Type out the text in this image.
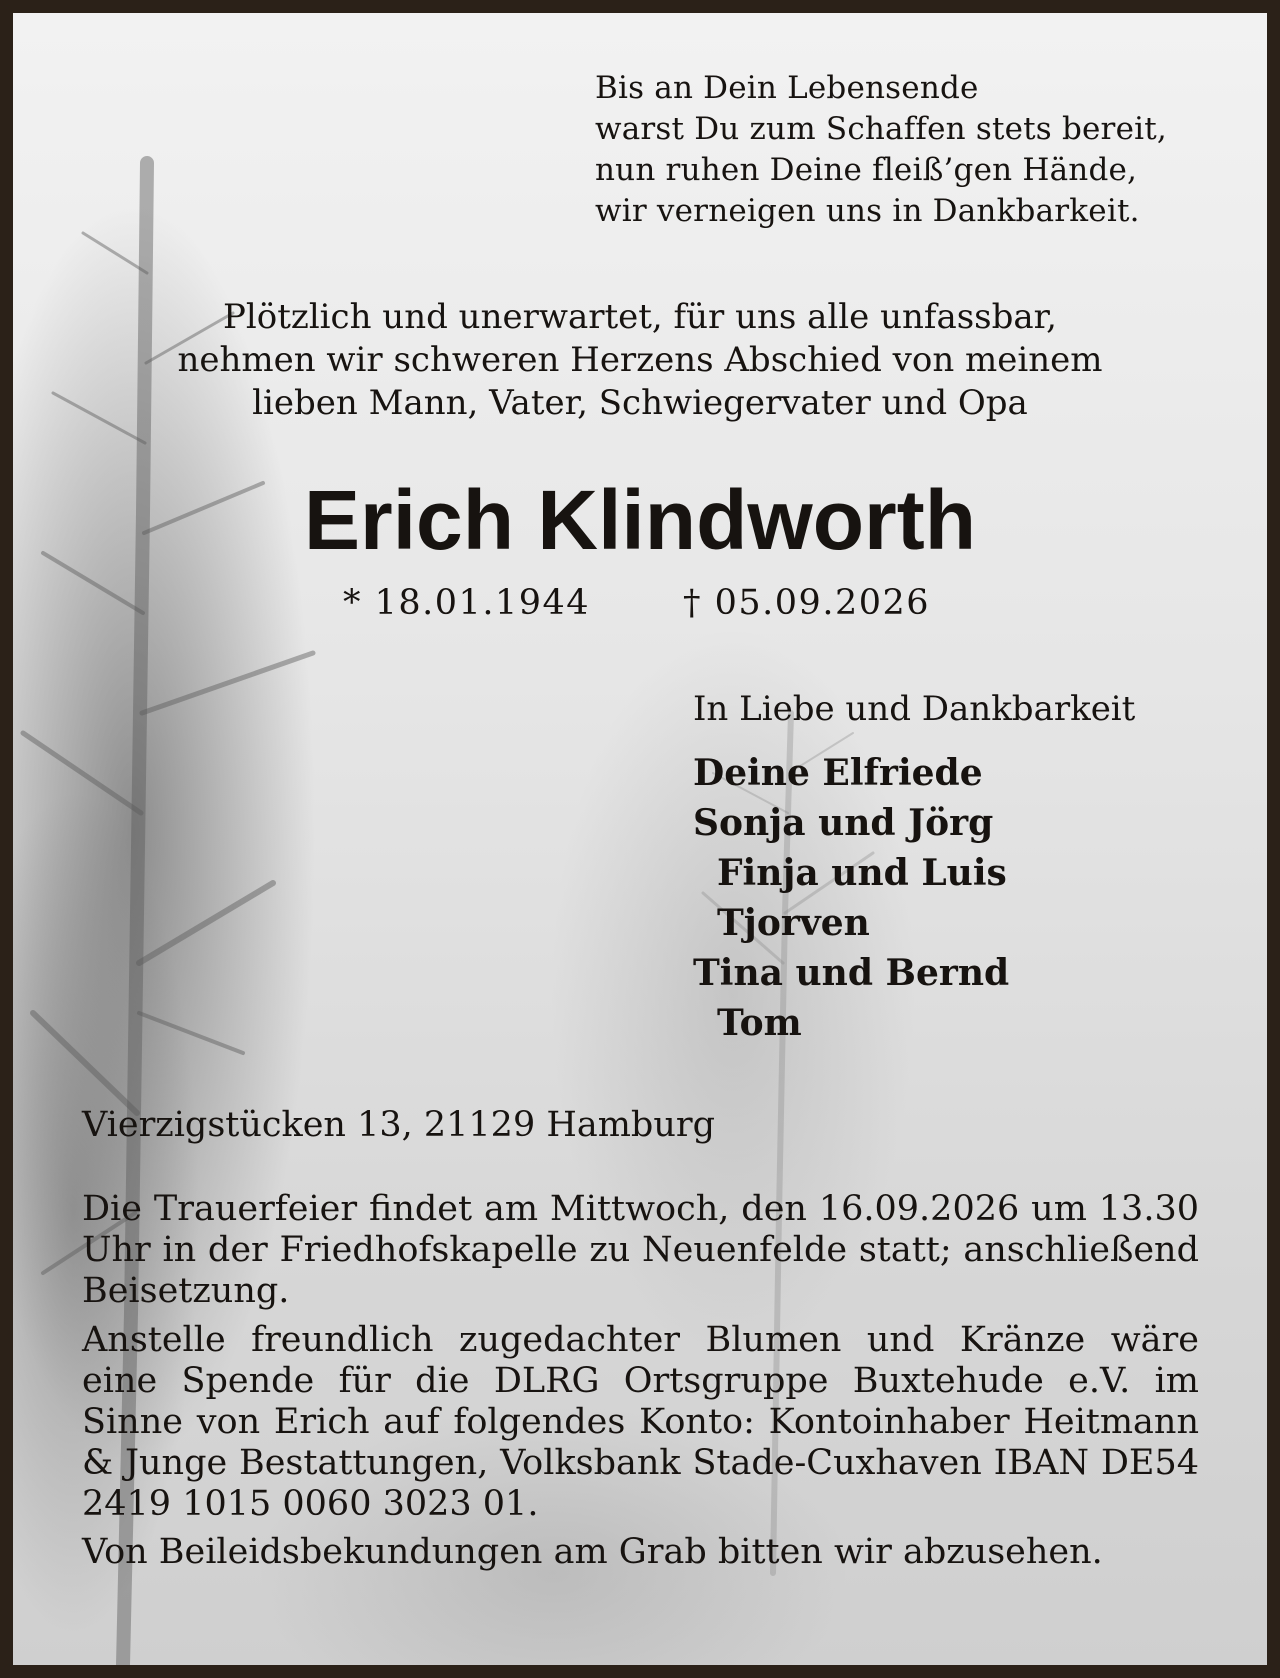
Bis an Dein Lebensende
warst Du zum Schaffen stets bereit,
nun ruhen Deine fleiß’gen Hände,
wir verneigen uns in Dankbarkeit.
Plötzlich und unerwartet, für uns alle unfassbar,
nehmen wir schweren Herzens Abschied von meinem
lieben Mann, Vater, Schwiegervater und Opa
Erich Klindworth
* 18.01.1944	† 05.09.2026
In Liebe und Dankbarkeit
Deine Elfriede
Sonja und Jörg
Finja und Luis
Tjorven
Tina und Bernd
Tom
Vierzigstücken 13, 21129 Hamburg

Die Trauerfeier findet am Mittwoch, den 16.09.2026 um 13.30 Uhr in der Friedhofskapelle zu Neuenfelde statt; anschließend Beisetzung.

Anstelle freundlich zugedachter Blumen und Kränze wäre eine Spende für die DLRG Ortsgruppe Buxtehude e.V. im Sinne von Erich auf folgendes Konto: Kontoinhaber Heitmann & Junge Bestattungen, Volksbank Stade-Cuxhaven IBAN DE54 2419 1015 0060 3023 01.

Von Beileidsbekundungen am Grab bitten wir abzusehen.
